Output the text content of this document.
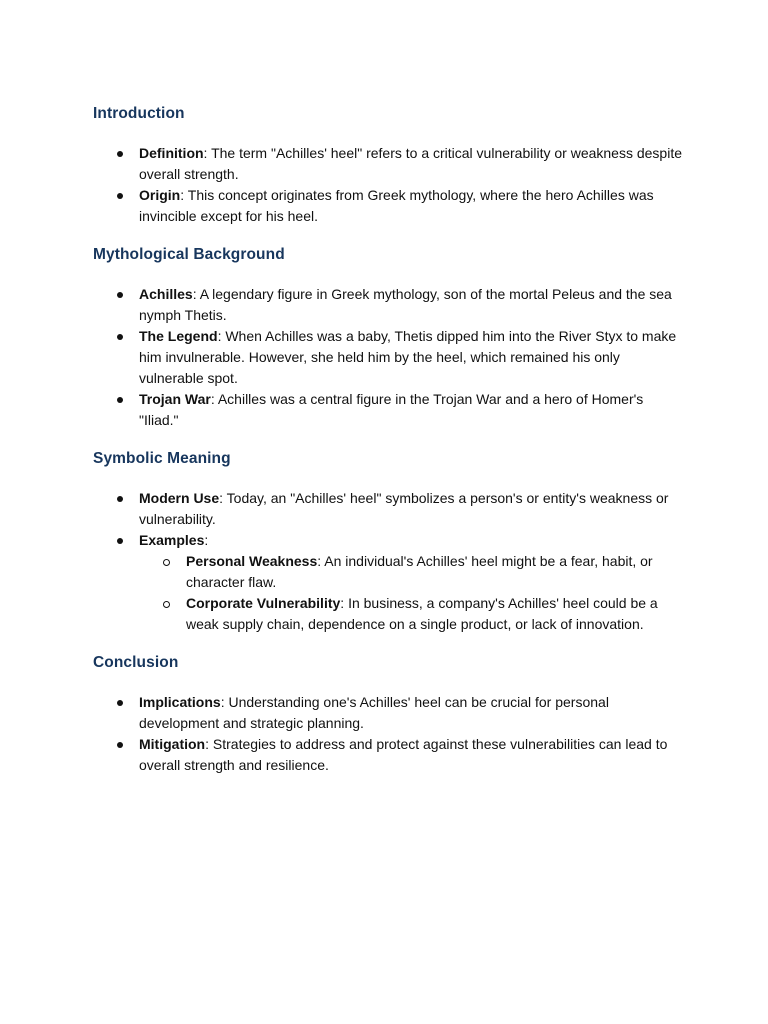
Introduction
Definition: The term "Achilles' heel" refers to a critical vulnerability or weakness despite overall strength.
Origin: This concept originates from Greek mythology, where the hero Achilles was invincible except for his heel.
Mythological Background
Achilles: A legendary figure in Greek mythology, son of the mortal Peleus and the sea nymph Thetis.
The Legend: When Achilles was a baby, Thetis dipped him into the River Styx to make him invulnerable. However, she held him by the heel, which remained his only vulnerable spot.
Trojan War: Achilles was a central figure in the Trojan War and a hero of Homer's "Iliad."
Symbolic Meaning
Modern Use: Today, an "Achilles' heel" symbolizes a person's or entity's weakness or vulnerability.
Examples:
Personal Weakness: An individual's Achilles' heel might be a fear, habit, or character flaw.
Corporate Vulnerability: In business, a company's Achilles' heel could be a weak supply chain, dependence on a single product, or lack of innovation.
Conclusion
Implications: Understanding one's Achilles' heel can be crucial for personal development and strategic planning.
Mitigation: Strategies to address and protect against these vulnerabilities can lead to overall strength and resilience.
